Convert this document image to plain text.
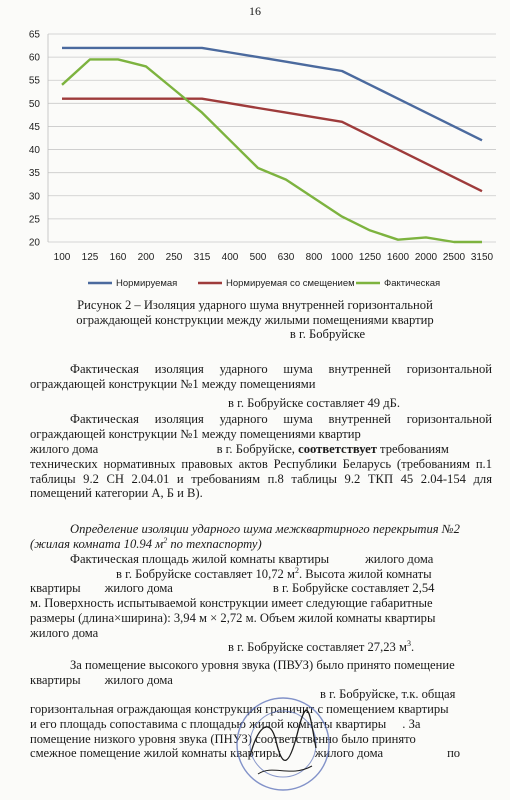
16
20
25
30
35
40
45
50
55
60
65
100 125 160 200 250 315 400 500 630 800 1000 1250 1600 2000 2500 3150
Нормируемая	Нормируемая со смещением	Фактическая
Рисунок 2 – Изоляция ударного шума внутренней горизонтальной
ограждающей конструкции между жилыми помещениями квартир
в г. Бобруйске
Фактическая изоляция ударного шума внутренней горизонтальной ограждающей конструкции №1 между помещениями
в г. Бобруйске составляет 49 дБ.
Фактическая изоляция ударного шума внутренней горизонтальной ограждающей конструкции №1 между помещениями квартир
жилого дома	в г. Бобруйске, соответствует требованиям
технических нормативных правовых актов Республики Беларусь (требованиям п.1 таблицы 9.2 СН 2.04.01 и требованиям п.8 таблицы 9.2 ТКП 45 2.04-154 для помещений категории А, Б и В).
Определение изоляции ударного шума межквартирного перекрытия №2
(жилая комната 10.94 $м^2$ по техпаспорту)
Фактическая площадь жилой комнаты квартиры	жилого дома
в г. Бобруйске составляет 10,72 $м^2$. Высота жилой комнаты
квартиры жилого дома	в г. Бобруйске составляет 2,54
м. Поверхность испытываемой конструкции имеет следующие габаритные
размеры (длина×ширина): 3,94 м × 2,72 м. Объем жилой комнаты квартиры
жилого дома
в г. Бобруйске составляет 27,23 $м^3$.
За помещение высокого уровня звука (ПВУЗ) было принято помещение
квартиры жилого дома
в г. Бобруйске, т.к. общая
горизонтальная ограждающая конструкция граничит с помещением квартиры
и его площадь сопоставима с площадью жилой комнаты квартиры . За
помещение низкого уровня звука (ПНУЗ) соответственно было принято
смежное помещение жилой комнаты квартиры	жилого дома	по
